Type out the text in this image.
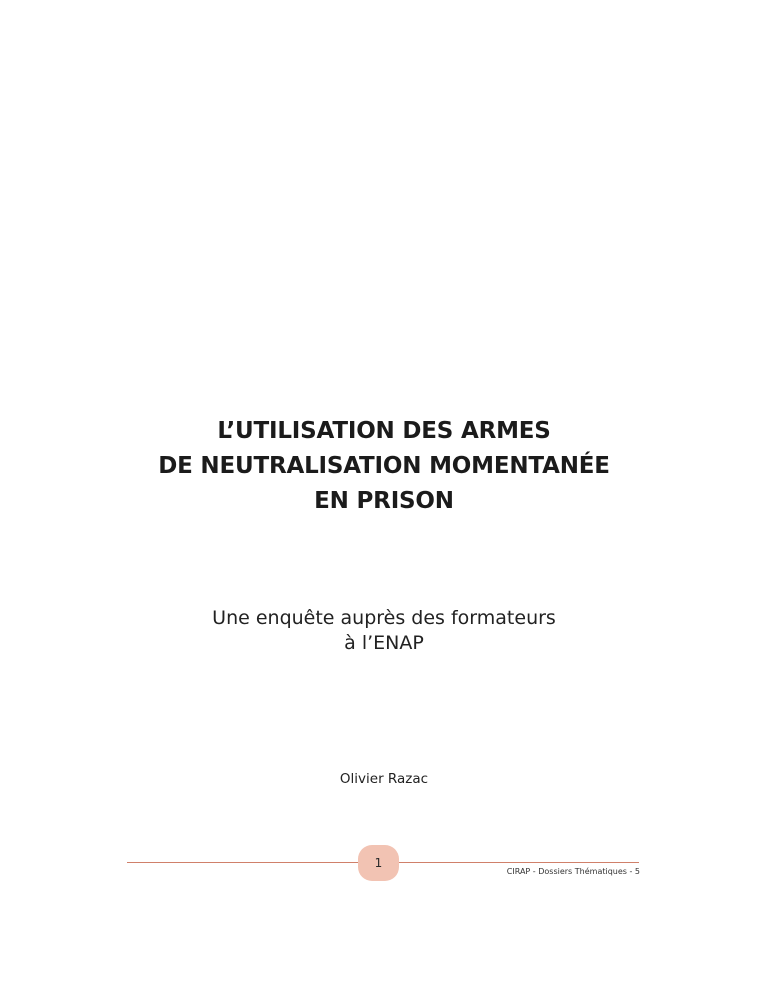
L’UTILISATION DES ARMES
DE NEUTRALISATION MOMENTANÉE
EN PRISON
Une enquête auprès des formateurs
à l’ENAP
Olivier Razac
1
CIRAP - Dossiers Thématiques - 5
